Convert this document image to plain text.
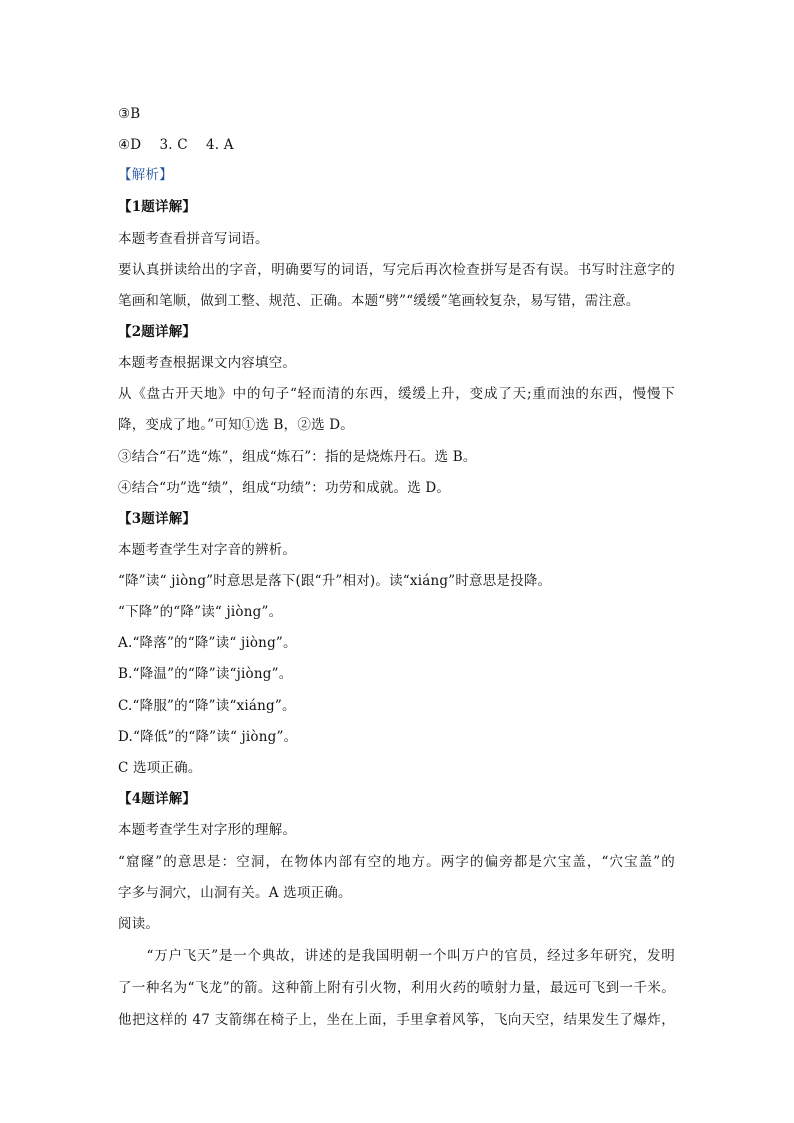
③B
④D　 3. C　 4. A
【解析】
【1题详解】
本题考查看拼音写词语。
要认真拼读给出的字音，明确要写的词语，写完后再次检查拼写是否有误。书写时注意字的
笔画和笔顺，做到工整、规范、正确。本题“劈”“缓缓”笔画较复杂，易写错，需注意。
【2题详解】
本题考查根据课文内容填空。
从《盘古开天地》中的句子“轻而清的东西，缓缓上升，变成了天;重而浊的东西，慢慢下
降，变成了地。”可知①选 B，②选 D。
③结合“石”选“炼”，组成“炼石”：指的是烧炼丹石。选 B。
④结合“功”选“绩”，组成“功绩”：功劳和成就。选 D。
【3题详解】
本题考查学生对字音的辨析。
“降”读“ jiòng”时意思是落下(跟“升”相对)。读“xiáng”时意思是投降。
“下降”的“降”读“ jiòng”。
A.“降落”的“降”读“ jiòng”。
B.“降温”的“降”读“jiòng”。
C.“降服”的“降”读“xiáng”。
D.“降低”的“降”读“ jiòng”。
C 选项正确。
【4题详解】
本题考查学生对字形的理解。
“窟窿”的意思是：空洞，在物体内部有空的地方。两字的偏旁都是穴宝盖，“穴宝盖”的
字多与洞穴，山洞有关。A 选项正确。
阅读。
　　“万户飞天”是一个典故，讲述的是我国明朝一个叫万户的官员，经过多年研究，发明
了一种名为“飞龙”的箭。这种箭上附有引火物，利用火药的喷射力量，最远可飞到一千米。
他把这样的 47 支箭绑在椅子上，坐在上面，手里拿着风筝，飞向天空，结果发生了爆炸，
